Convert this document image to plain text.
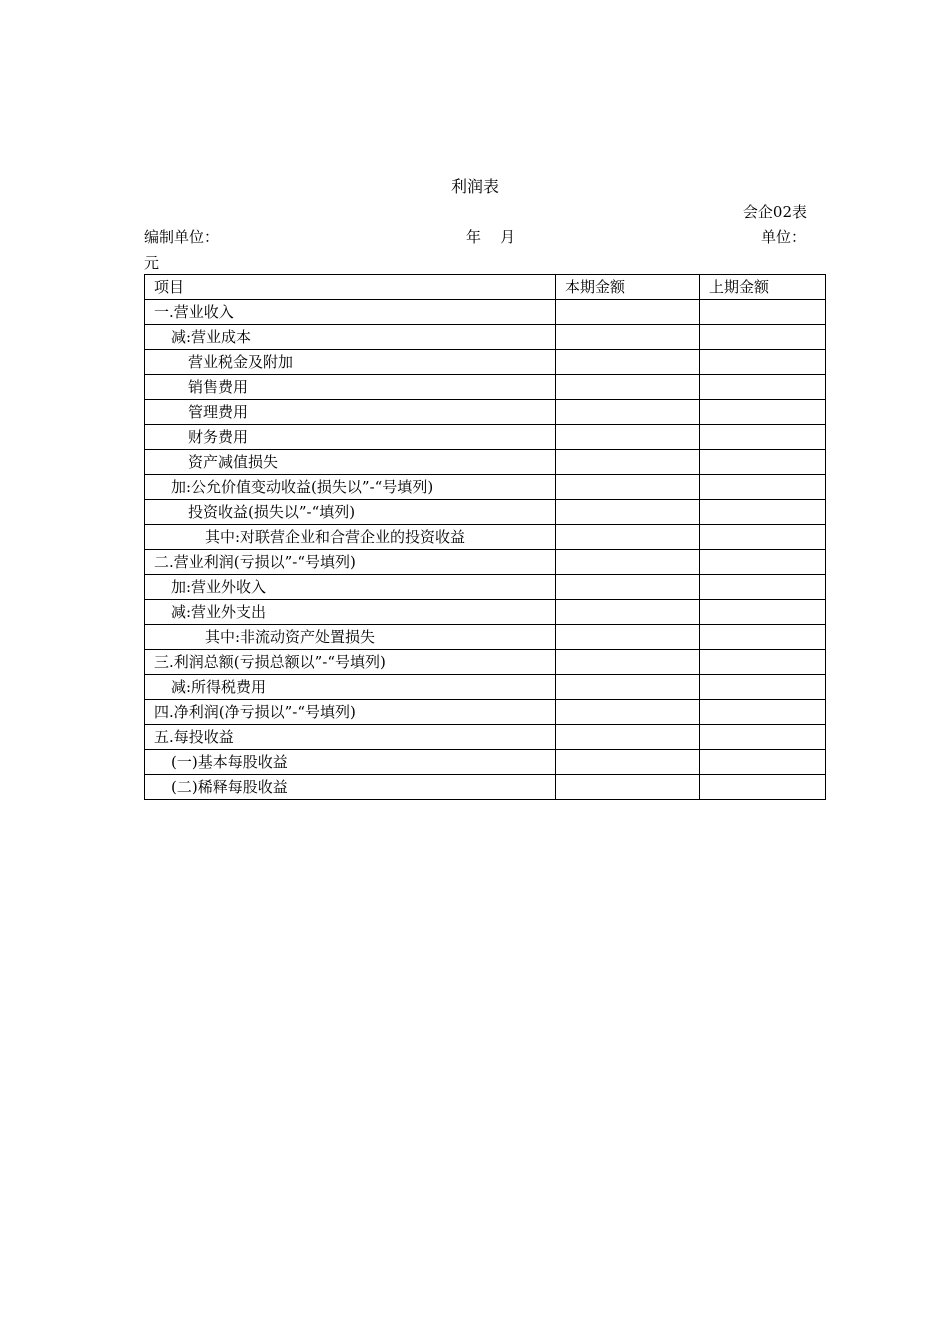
利润表
会企02表
编制单位：	年    月	单位：
元
项目	本期金额	上期金额
一.营业收入		
减:营业成本		
营业税金及附加		
销售费用		
管理费用		
财务费用		
资产减值损失		
加:公允价值变动收益(损失以”-“号填列)		
投资收益(损失以”-“填列)		
其中:对联营企业和合营企业的投资收益		
二.营业利润(亏损以”-“号填列)		
加:营业外收入		
减:营业外支出		
其中:非流动资产处置损失		
三.利润总额(亏损总额以”-“号填列)		
减:所得税费用		
四.净利润(净亏损以”-“号填列)		
五.每投收益		
(一)基本每股收益		
(二)稀释每股收益		
